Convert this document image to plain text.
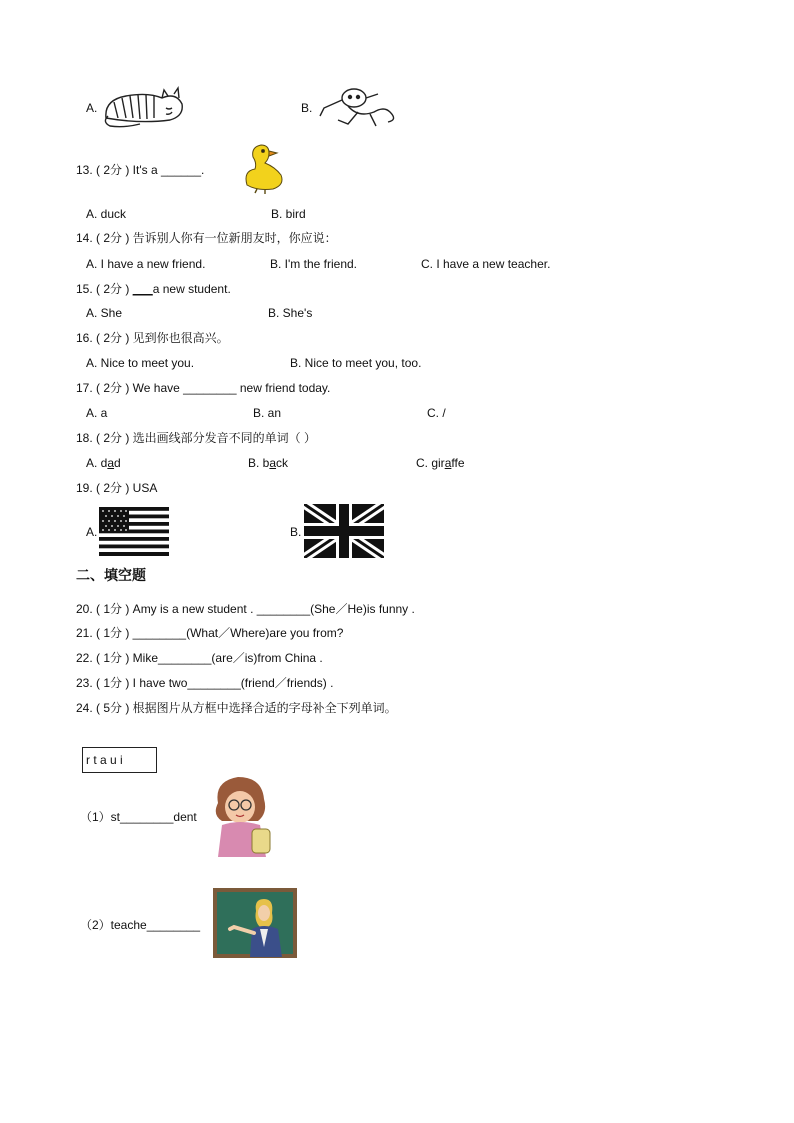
A.	B.
13. ( 2分 ) It's a ______.
A. duck	B. bird
14. ( 2分 ) 告诉别人你有一位新朋友时，你应说：
A. I have a new friend.	B. I'm the friend.	C. I have a new teacher.
15. ( 2分 ) ___a new student.
A. She	B. She's
16. ( 2分 ) 见到你也很高兴。
A. Nice to meet you.	B. Nice to meet you, too.
17. ( 2分 ) We have ________ new friend today.
A. a	B. an	C. /
18. ( 2分 ) 选出画线部分发音不同的单词（ ）
A. dad	B. back	C. giraffe
19. ( 2分 ) USA
A.	B.
二、填空题
20. ( 1分 ) Amy is a new student . ________(She／He)is funny .
21. ( 1分 ) ________(What／Where)are you from?
22. ( 1分 ) Mike________(are／is)from China .
23. ( 1分 ) I have two________(friend／friends) .
24. ( 5分 ) 根据图片从方框中选择合适的字母补全下列单词。
r t a u i
（1）st________dent
（2）teache________
